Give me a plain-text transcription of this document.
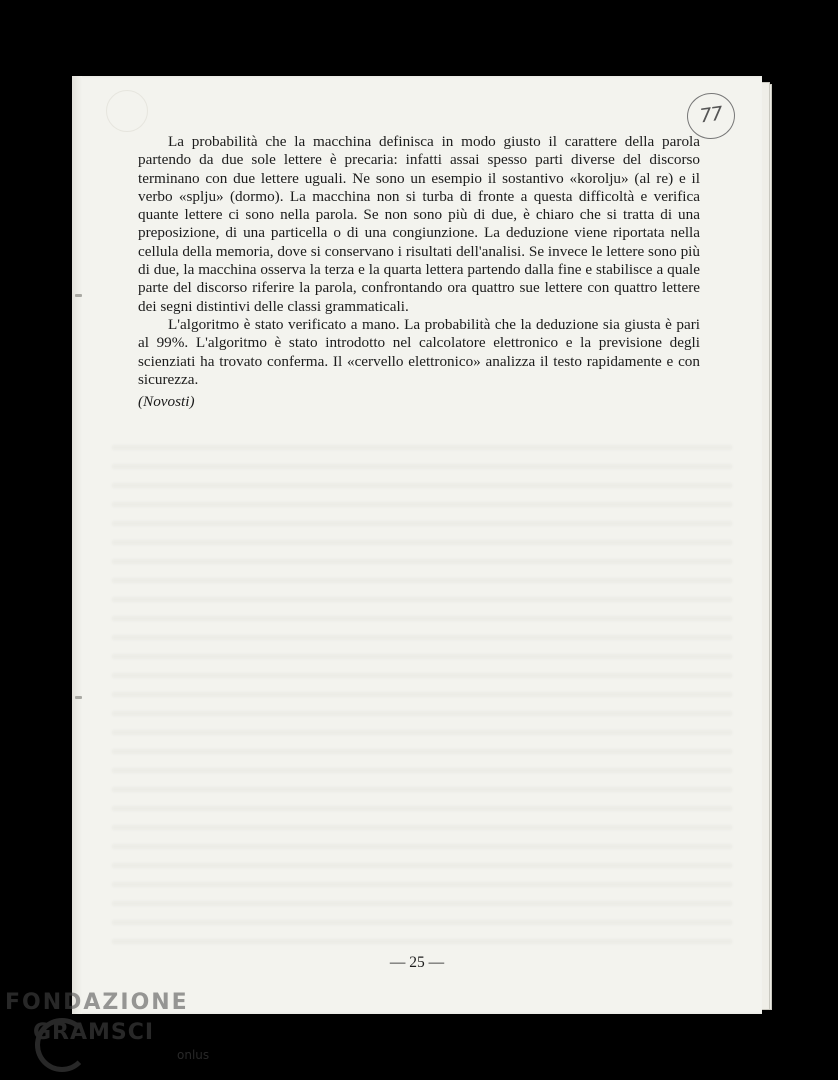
77

La probabilità che la macchina definisca in modo giusto il carattere della parola partendo da due sole lettere è precaria: infatti assai spesso parti diverse del discorso terminano con due lettere uguali. Ne sono un esempio il sostantivo «korolju» (al re) e il verbo «splju» (dormo). La macchina non si turba di fronte a questa difficoltà e verifica quante lettere ci sono nella parola. Se non sono più di due, è chiaro che si tratta di una preposizione, di una particella o di una congiunzione. La deduzione viene riportata nella cellula della memoria, dove si conservano i risultati dell'analisi. Se invece le lettere sono più di due, la macchina osserva la terza e la quarta lettera partendo dalla fine e stabilisce a quale parte del discorso riferire la parola, confrontando ora quattro sue lettere con quattro lettere dei segni distintivi delle classi grammaticali.

L'algoritmo è stato verificato a mano. La probabilità che la deduzione sia giusta è pari al 99%. L'algoritmo è stato introdotto nel calcolatore elettronico e la previsione degli scienziati ha trovato conferma. Il «cervello elettronico» analizza il testo rapidamente e con sicurezza.

(Novosti)
— 25 —
FONDAZIONE
GRAMSCI
onlus
